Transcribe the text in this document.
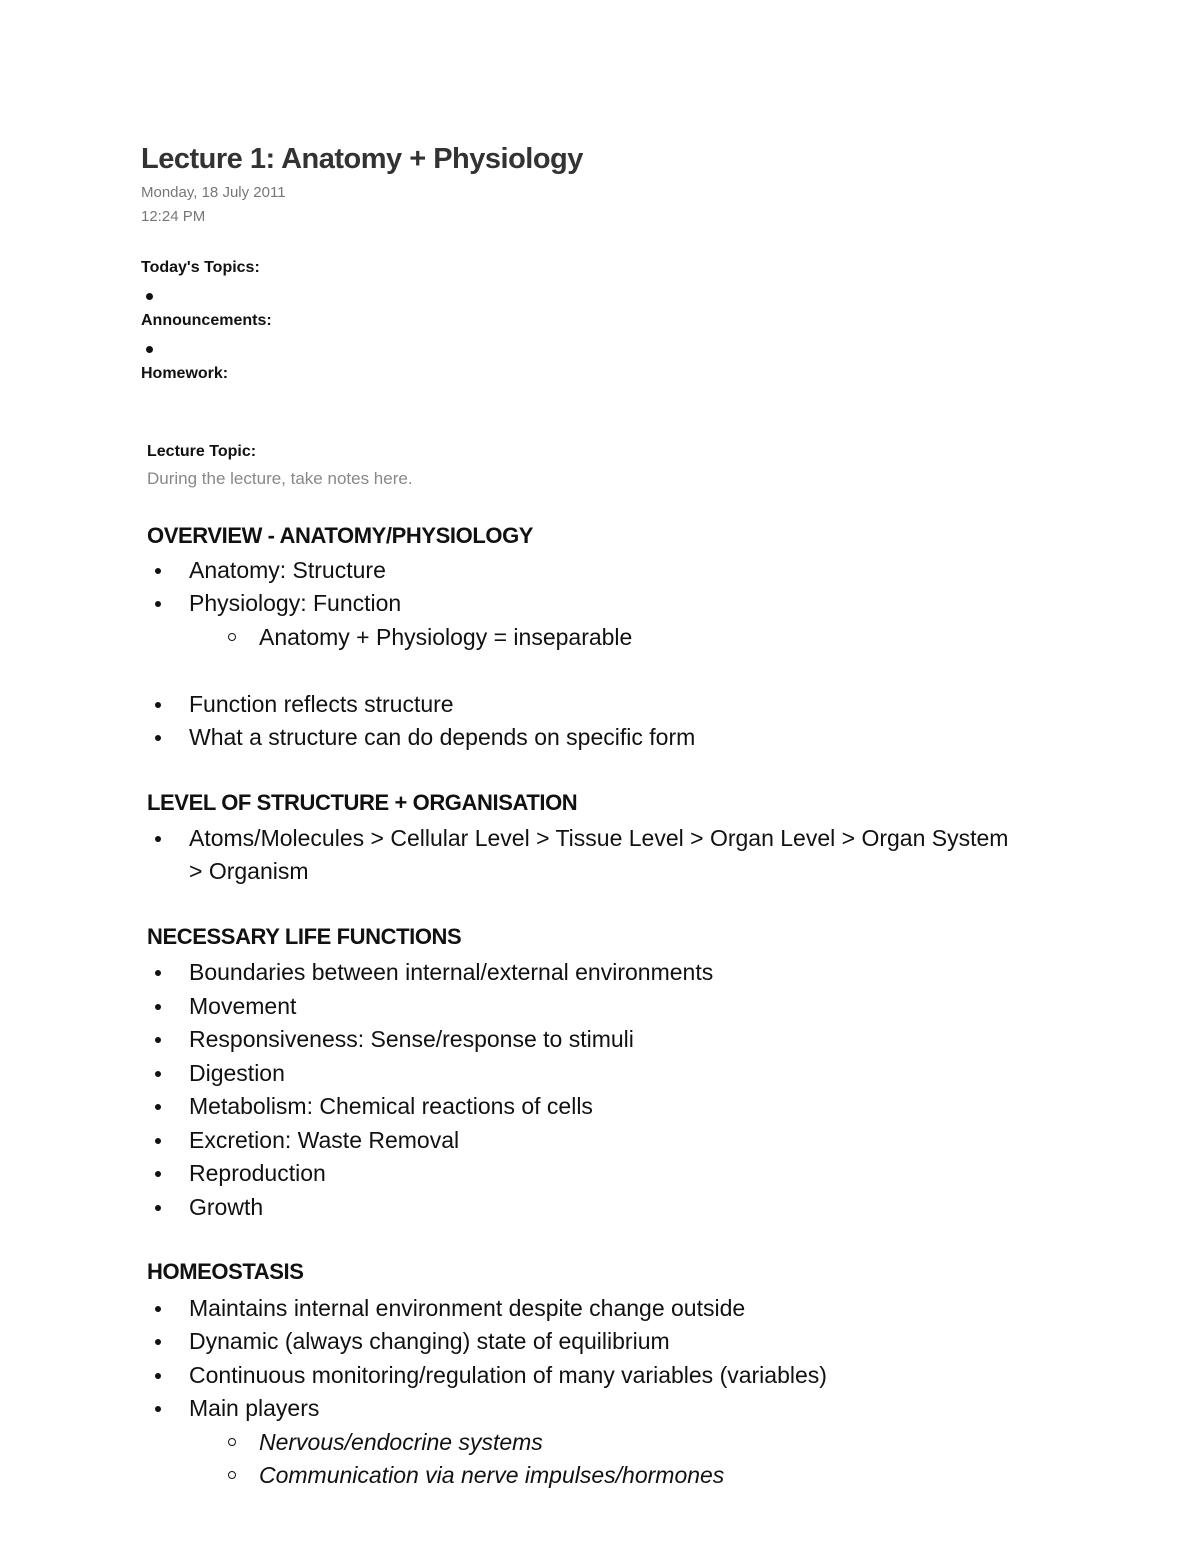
Lecture 1: Anatomy + Physiology
Monday, 18 July 2011
12:24 PM
Today's Topics:
Announcements:
Homework:
Lecture Topic:
During the lecture, take notes here.
OVERVIEW - ANATOMY/PHYSIOLOGY
Anatomy: Structure
Physiology: Function
Anatomy + Physiology = inseparable
Function reflects structure
What a structure can do depends on specific form
LEVEL OF STRUCTURE + ORGANISATION
Atoms/Molecules > Cellular Level > Tissue Level > Organ Level > Organ System > Organism
NECESSARY LIFE FUNCTIONS
Boundaries between internal/external environments
Movement
Responsiveness: Sense/response to stimuli
Digestion
Metabolism: Chemical reactions of cells
Excretion: Waste Removal
Reproduction
Growth
HOMEOSTASIS
Maintains internal environment despite change outside
Dynamic (always changing) state of equilibrium
Continuous monitoring/regulation of many variables (variables)
Main players
Nervous/endocrine systems
Communication via nerve impulses/hormones
